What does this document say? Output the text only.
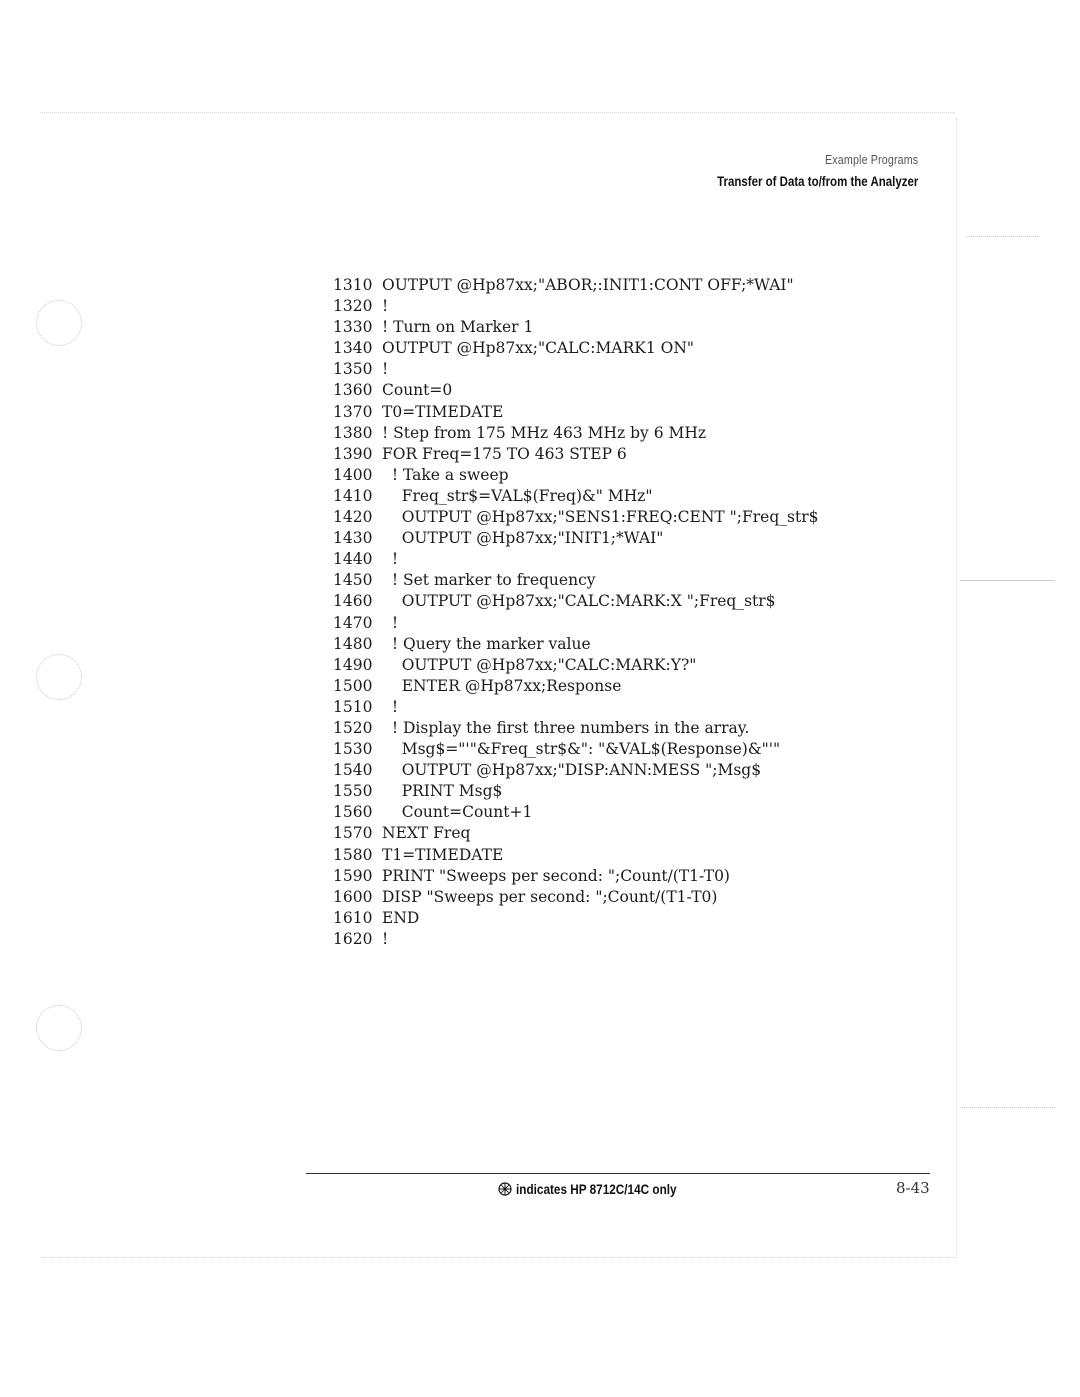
Example Programs
Transfer of Data to/from the Analyzer
1310 OUTPUT @Hp87xx;"ABOR;:INIT1:CONT OFF;*WAI"
1320 !
1330 ! Turn on Marker 1
1340 OUTPUT @Hp87xx;"CALC:MARK1 ON"
1350 !
1360 Count=0
1370 T0=TIMEDATE
1380 ! Step from 175 MHz 463 MHz by 6 MHz
1390 FOR Freq=175 TO 463 STEP 6
1400  ! Take a sweep
1410    Freq_str$=VAL$(Freq)&" MHz"
1420    OUTPUT @Hp87xx;"SENS1:FREQ:CENT ";Freq_str$
1430    OUTPUT @Hp87xx;"INIT1;*WAI"
1440  !
1450  ! Set marker to frequency
1460    OUTPUT @Hp87xx;"CALC:MARK:X ";Freq_str$
1470  !
1480  ! Query the marker value
1490    OUTPUT @Hp87xx;"CALC:MARK:Y?"
1500    ENTER @Hp87xx;Response
1510  !
1520  ! Display the first three numbers in the array.
1530    Msg$="'"&Freq_str$&": "&VAL$(Response)&"'"
1540    OUTPUT @Hp87xx;"DISP:ANN:MESS ";Msg$
1550    PRINT Msg$
1560    Count=Count+1
1570 NEXT Freq
1580 T1=TIMEDATE
1590 PRINT "Sweeps per second: ";Count/(T1-T0)
1600 DISP "Sweeps per second: ";Count/(T1-T0)
1610 END
1620 !
indicates HP 8712C/14C only	8-43
